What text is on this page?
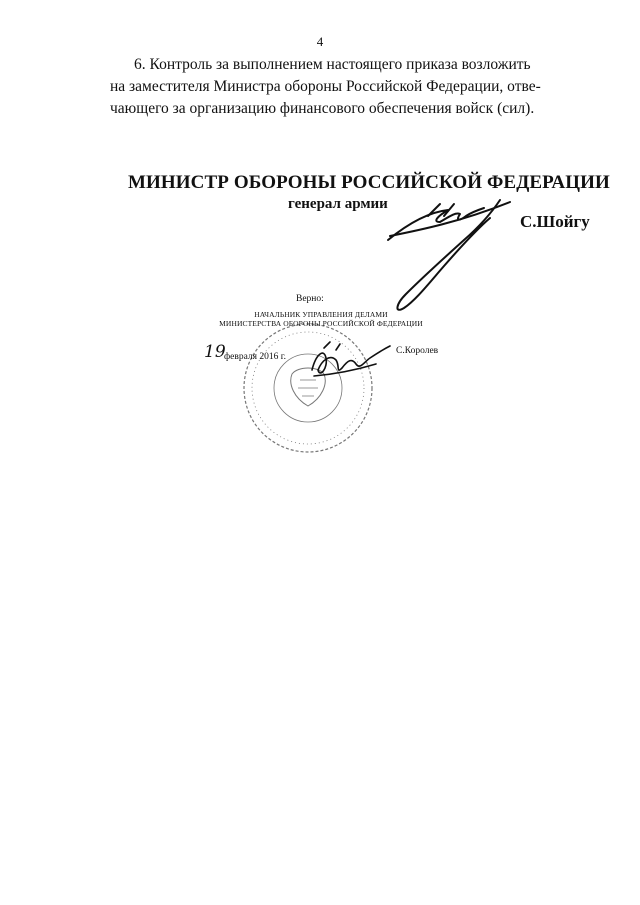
4
6. Контроль за выполнением настоящего приказа возложить
на заместителя Министра обороны Российской Федерации, отве-
чающего за организацию финансового обеспечения войск (сил).
МИНИСТР ОБОРОНЫ РОССИЙСКОЙ ФЕДЕРАЦИИ
генерал армии
С.Шойгу
Верно:
НАЧАЛЬНИК УПРАВЛЕНИЯ ДЕЛАМИ
МИНИСТЕРСТВА ОБОРОНЫ РОССИЙСКОЙ ФЕДЕРАЦИИ
19
февраля 2016 г.
С.Королев
